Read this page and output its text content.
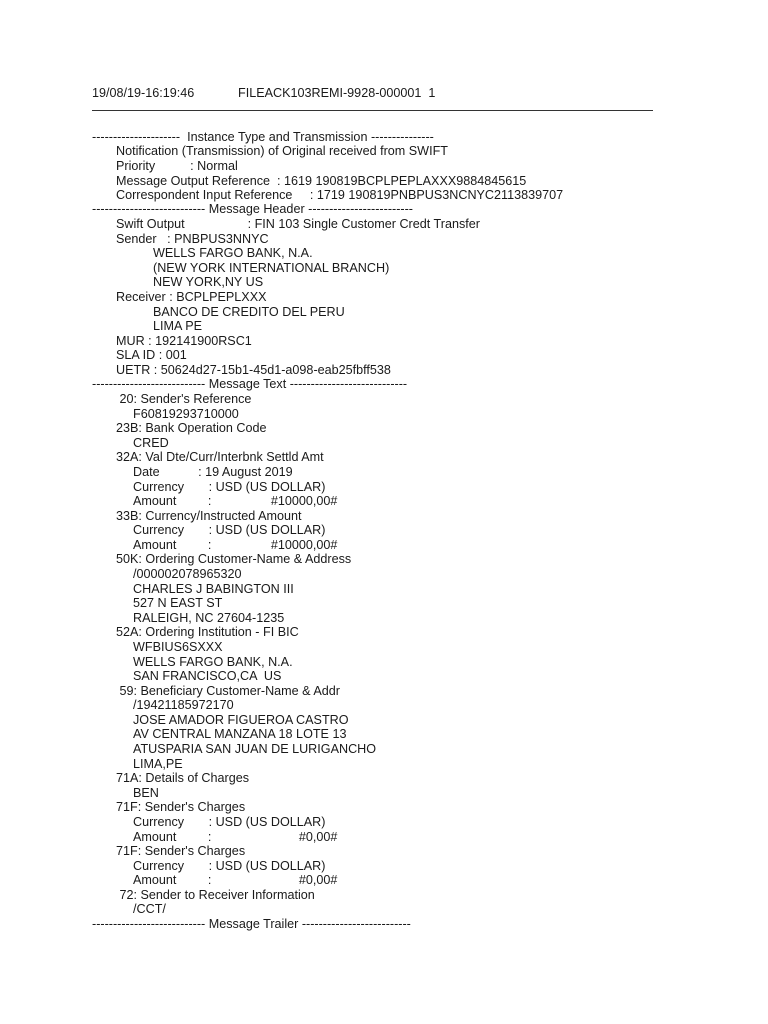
19/08/19-16:19:46	FILEACK103REMI-9928-000001  1
---------------------  Instance Type and Transmission ---------------
Notification (Transmission) of Original received from SWIFT
Priority          : Normal
Message Output Reference  : 1619 190819BCPLPEPLAXXX9884845615
Correspondent Input Reference     : 1719 190819PNBPUS3NCNYC2113839707
--------------------------- Message Header -------------------------
Swift Output                  : FIN 103 Single Customer Credt Transfer
Sender   : PNBPUS3NNYC
WELLS FARGO BANK, N.A.
(NEW YORK INTERNATIONAL BRANCH)
NEW YORK,NY US
Receiver : BCPLPEPLXXX
BANCO DE CREDITO DEL PERU
LIMA PE
MUR : 192141900RSC1
SLA ID : 001
UETR : 50624d27-15b1-45d1-a098-eab25fbff538
--------------------------- Message Text ----------------------------
20: Sender's Reference
F60819293710000
23B: Bank Operation Code
CRED
32A: Val Dte/Curr/Interbnk Settld Amt
Date           : 19 August 2019
Currency       : USD (US DOLLAR)
Amount         :                 #10000,00#
33B: Currency/Instructed Amount
Currency       : USD (US DOLLAR)
Amount         :                 #10000,00#
50K: Ordering Customer-Name & Address
/000002078965320
CHARLES J BABINGTON III
527 N EAST ST
RALEIGH, NC 27604-1235
52A: Ordering Institution - FI BIC
WFBIUS6SXXX
WELLS FARGO BANK, N.A.
SAN FRANCISCO,CA  US
59: Beneficiary Customer-Name & Addr
/19421185972170
JOSE AMADOR FIGUEROA CASTRO
AV CENTRAL MANZANA 18 LOTE 13
ATUSPARIA SAN JUAN DE LURIGANCHO
LIMA,PE
71A: Details of Charges
BEN
71F: Sender's Charges
Currency       : USD (US DOLLAR)
Amount         :                         #0,00#
71F: Sender's Charges
Currency       : USD (US DOLLAR)
Amount         :                         #0,00#
72: Sender to Receiver Information
/CCT/
--------------------------- Message Trailer --------------------------
